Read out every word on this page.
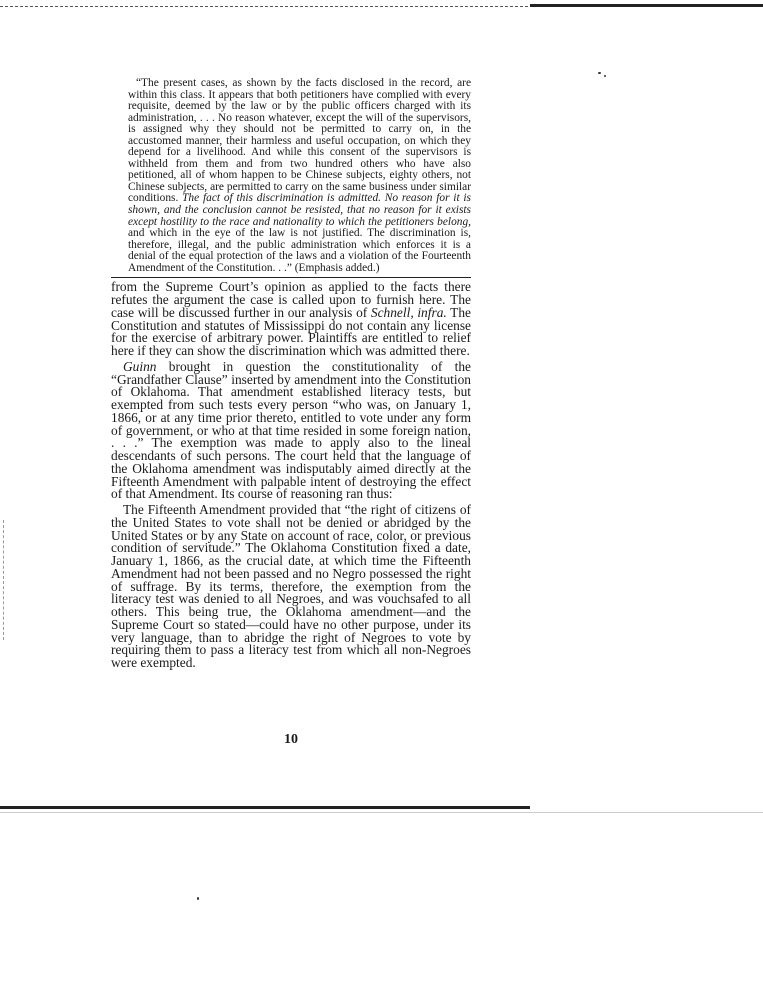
“The present cases, as shown by the facts disclosed in the record, are within this class. It appears that both petitioners have complied with every requisite, deemed by the law or by the public officers charged with its administration, . . . No reason whatever, except the will of the supervisors, is assigned why they should not be permitted to carry on, in the accustomed manner, their harmless and useful occupation, on which they depend for a livelihood. And while this consent of the supervisors is withheld from them and from two hundred others who have also petitioned, all of whom happen to be Chinese subjects, eighty others, not Chinese subjects, are permitted to carry on the same business under similar conditions. The fact of this discrimination is admitted. No reason for it is shown, and the conclusion cannot be resisted, that no reason for it exists except hostility to the race and nationality to which the petitioners belong, and which in the eye of the law is not justified. The discrimination is, therefore, illegal, and the public administration which enforces it is a denial of the equal protection of the laws and a violation of the Fourteenth Amendment of the Constitution. . .” (Emphasis added.)

from the Supreme Court’s opinion as applied to the facts there refutes the argument the case is called upon to furnish here. The case will be discussed further in our analysis of Schnell, infra. The Constitution and statutes of Mississippi do not contain any license for the exercise of arbitrary power. Plaintiffs are entitled to relief here if they can show the discrimination which was admitted there.

Guinn brought in question the constitutionality of the “Grandfather Clause” inserted by amendment into the Constitution of Oklahoma. That amendment established literacy tests, but exempted from such tests every person “who was, on January 1, 1866, or at any time prior thereto, entitled to vote under any form of government, or who at that time resided in some foreign nation, . . .” The exemption was made to apply also to the lineal descendants of such persons. The court held that the language of the Oklahoma amendment was indisputably aimed directly at the Fifteenth Amendment with palpable intent of destroying the effect of that Amendment. Its course of reasoning ran thus:

The Fifteenth Amendment provided that “the right of citizens of the United States to vote shall not be denied or abridged by the United States or by any State on account of race, color, or previous condition of servitude.” The Oklahoma Constitution fixed a date, January 1, 1866, as the crucial date, at which time the Fifteenth Amendment had not been passed and no Negro possessed the right of suffrage. By its terms, therefore, the exemption from the literacy test was denied to all Negroes, and was vouchsafed to all others. This being true, the Oklahoma amendment—and the Supreme Court so stated—could have no other purpose, under its very language, than to abridge the right of Negroes to vote by requiring them to pass a literacy test from which all non-Negroes were exempted.

10
